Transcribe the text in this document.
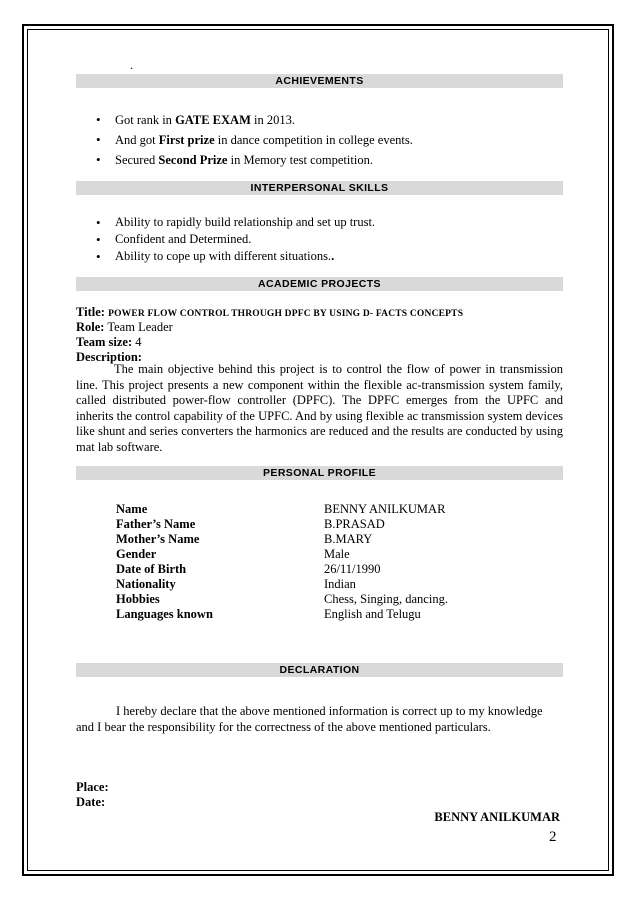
.
ACHIEVEMENTS
• Got rank in GATE EXAM in 2013.
• And got First prize in dance competition in college events.
• Secured Second Prize in Memory test competition.
INTERPERSONAL SKILLS
• Ability to rapidly build relationship and set up trust.
• Confident and Determined.
• Ability to cope up with different situations..
ACADEMIC PROJECTS
Title: POWER FLOW CONTROL THROUGH DPFC BY USING D- FACTS CONCEPTS
Role: Team Leader
Team size: 4
Description:

The main objective behind this project is to control the flow of power in transmission line. This project presents a new component within the flexible ac-transmission system family, called distributed power-flow controller (DPFC). The DPFC emerges from the UPFC and inherits the control capability of the UPFC. And by using flexible ac transmission system devices like shunt and series converters the harmonics are reduced and the results are conducted by using mat lab software.

PERSONAL PROFILE
Name	BENNY ANILKUMAR
Father’s Name	B.PRASAD
Mother’s Name	B.MARY
Gender	Male
Date of Birth	26/11/1990
Nationality	Indian
Hobbies	Chess, Singing, dancing.
Languages known	English and Telugu
DECLARATION

I hereby declare that the above mentioned information is correct up to my knowledge and I bear the responsibility for the correctness of the above mentioned particulars.

Place:
Date:
BENNY ANILKUMAR
2
